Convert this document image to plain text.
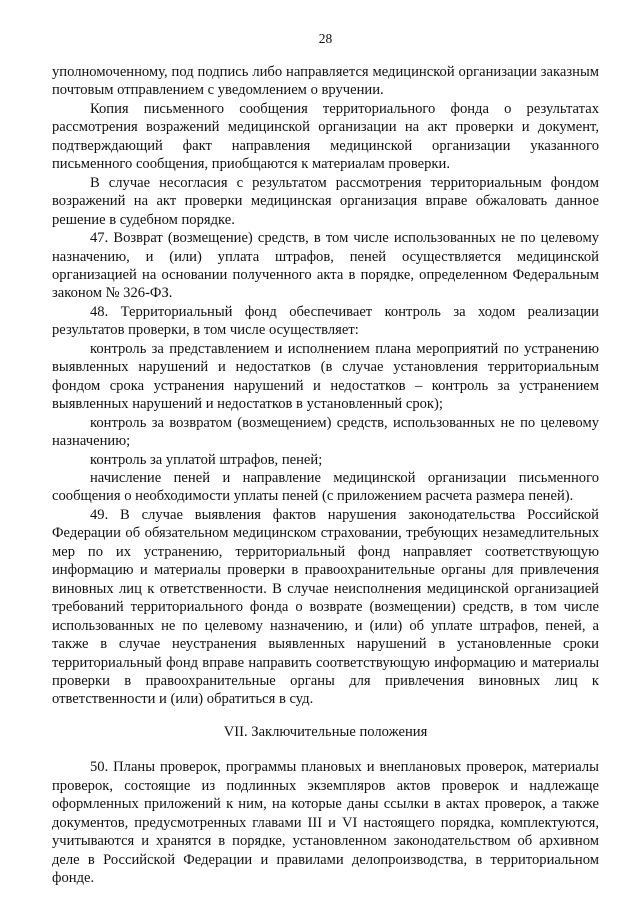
28

уполномоченному, под подпись либо направляется медицинской организации заказным почтовым отправлением с уведомлением о вручении.

Копия письменного сообщения территориального фонда о результатах рассмотрения возражений медицинской организации на акт проверки и документ, подтверждающий факт направления медицинской организации указанного письменного сообщения, приобщаются к материалам проверки.

В случае несогласия с результатом рассмотрения территориальным фондом возражений на акт проверки медицинская организация вправе обжаловать данное решение в судебном порядке.

47. Возврат (возмещение) средств, в том числе использованных не по целевому назначению, и (или) уплата штрафов, пеней осуществляется медицинской организацией на основании полученного акта в порядке, определенном Федеральным законом № 326-ФЗ.

48. Территориальный фонд обеспечивает контроль за ходом реализации результатов проверки, в том числе осуществляет:

контроль за представлением и исполнением плана мероприятий по устранению выявленных нарушений и недостатков (в случае установления территориальным фондом срока устранения нарушений и недостатков – контроль за устранением выявленных нарушений и недостатков в установленный срок);

контроль за возвратом (возмещением) средств, использованных не по целевому назначению;

контроль за уплатой штрафов, пеней;

начисление пеней и направление медицинской организации письменного сообщения о необходимости уплаты пеней (с приложением расчета размера пеней).

49. В случае выявления фактов нарушения законодательства Российской Федерации об обязательном медицинском страховании, требующих незамедлительных мер по их устранению, территориальный фонд направляет соответствующую информацию и материалы проверки в правоохранительные органы для привлечения виновных лиц к ответственности. В случае неисполнения медицинской организацией требований территориального фонда о возврате (возмещении) средств, в том числе использованных не по целевому назначению, и (или) об уплате штрафов, пеней, а также в случае неустранения выявленных нарушений в установленные сроки территориальный фонд вправе направить соответствующую информацию и материалы проверки в правоохранительные органы для привлечения виновных лиц к ответственности и (или) обратиться в суд.

VII. Заключительные положения

50. Планы проверок, программы плановых и внеплановых проверок, материалы проверок, состоящие из подлинных экземпляров актов проверок и надлежаще оформленных приложений к ним, на которые даны ссылки в актах проверок, а также документов, предусмотренных главами III и VI настоящего порядка, комплектуются, учитываются и хранятся в порядке, установленном законодательством об архивном деле в Российской Федерации и правилами делопроизводства, в территориальном фонде.
